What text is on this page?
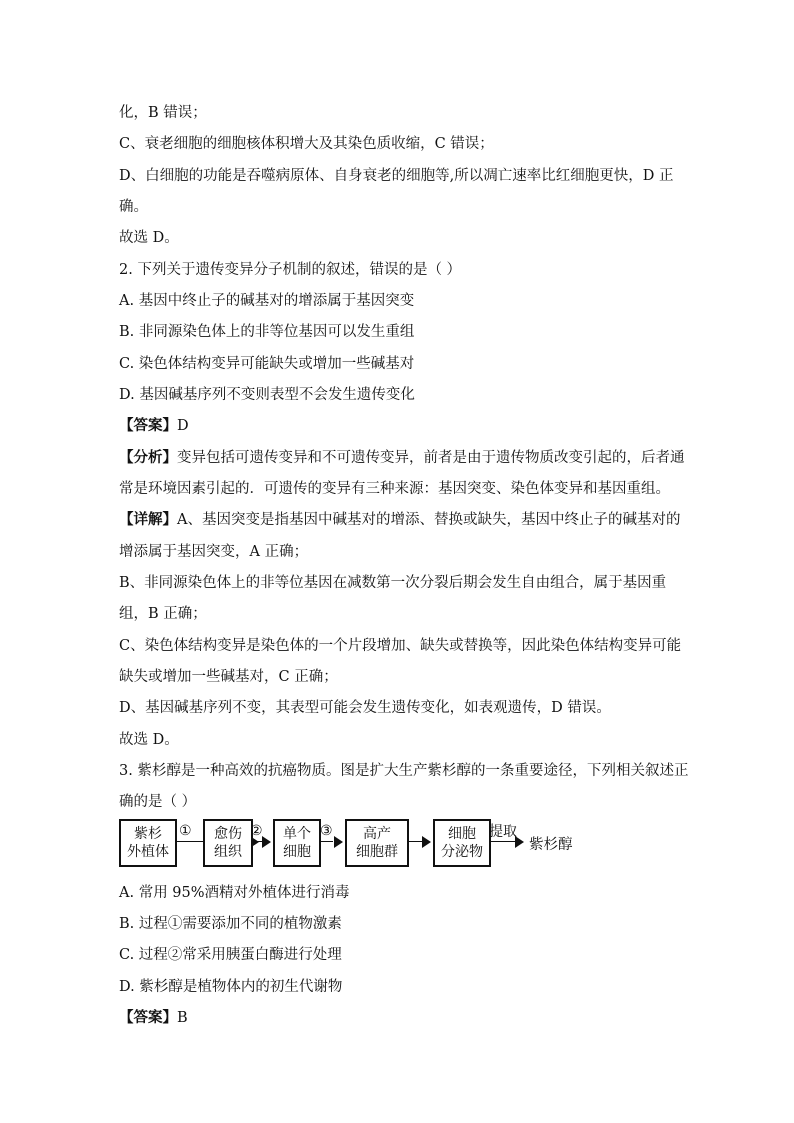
化，B 错误；
C、衰老细胞的细胞核体积增大及其染色质收缩，C 错误；
D、白细胞的功能是吞噬病原体、自身衰老的细胞等,所以凋亡速率比红细胞更快，D 正
确。
故选 D。
2. 下列关于遗传变异分子机制的叙述，错误的是（ ）
A. 基因中终止子的碱基对的增添属于基因突变
B. 非同源染色体上的非等位基因可以发生重组
C. 染色体结构变异可能缺失或增加一些碱基对
D. 基因碱基序列不变则表型不会发生遗传变化
【答案】D
【分析】变异包括可遗传变异和不可遗传变异，前者是由于遗传物质改变引起的，后者通
常是环境因素引起的．可遗传的变异有三种来源：基因突变、染色体变异和基因重组。
【详解】A、基因突变是指基因中碱基对的增添、替换或缺失，基因中终止子的碱基对的
增添属于基因突变，A 正确；
B、非同源染色体上的非等位基因在减数第一次分裂后期会发生自由组合，属于基因重
组，B 正确；
C、染色体结构变异是染色体的一个片段增加、缺失或替换等，因此染色体结构变异可能
缺失或增加一些碱基对，C 正确；
D、基因碱基序列不变，其表型可能会发生遗传变化，如表观遗传，D 错误。
故选 D。
3. 紫杉醇是一种高效的抗癌物质。图是扩大生产紫杉醇的一条重要途径，下列相关叙述正
确的是（ ）
紫杉
外植体
① 愈伤
组织
② 单个
细胞
③	高产
细胞群
细胞
分泌物
提取
紫杉醇
A. 常用 95%酒精对外植体进行消毒
B. 过程①需要添加不同的植物激素
C. 过程②常采用胰蛋白酶进行处理
D. 紫杉醇是植物体内的初生代谢物
【答案】B
